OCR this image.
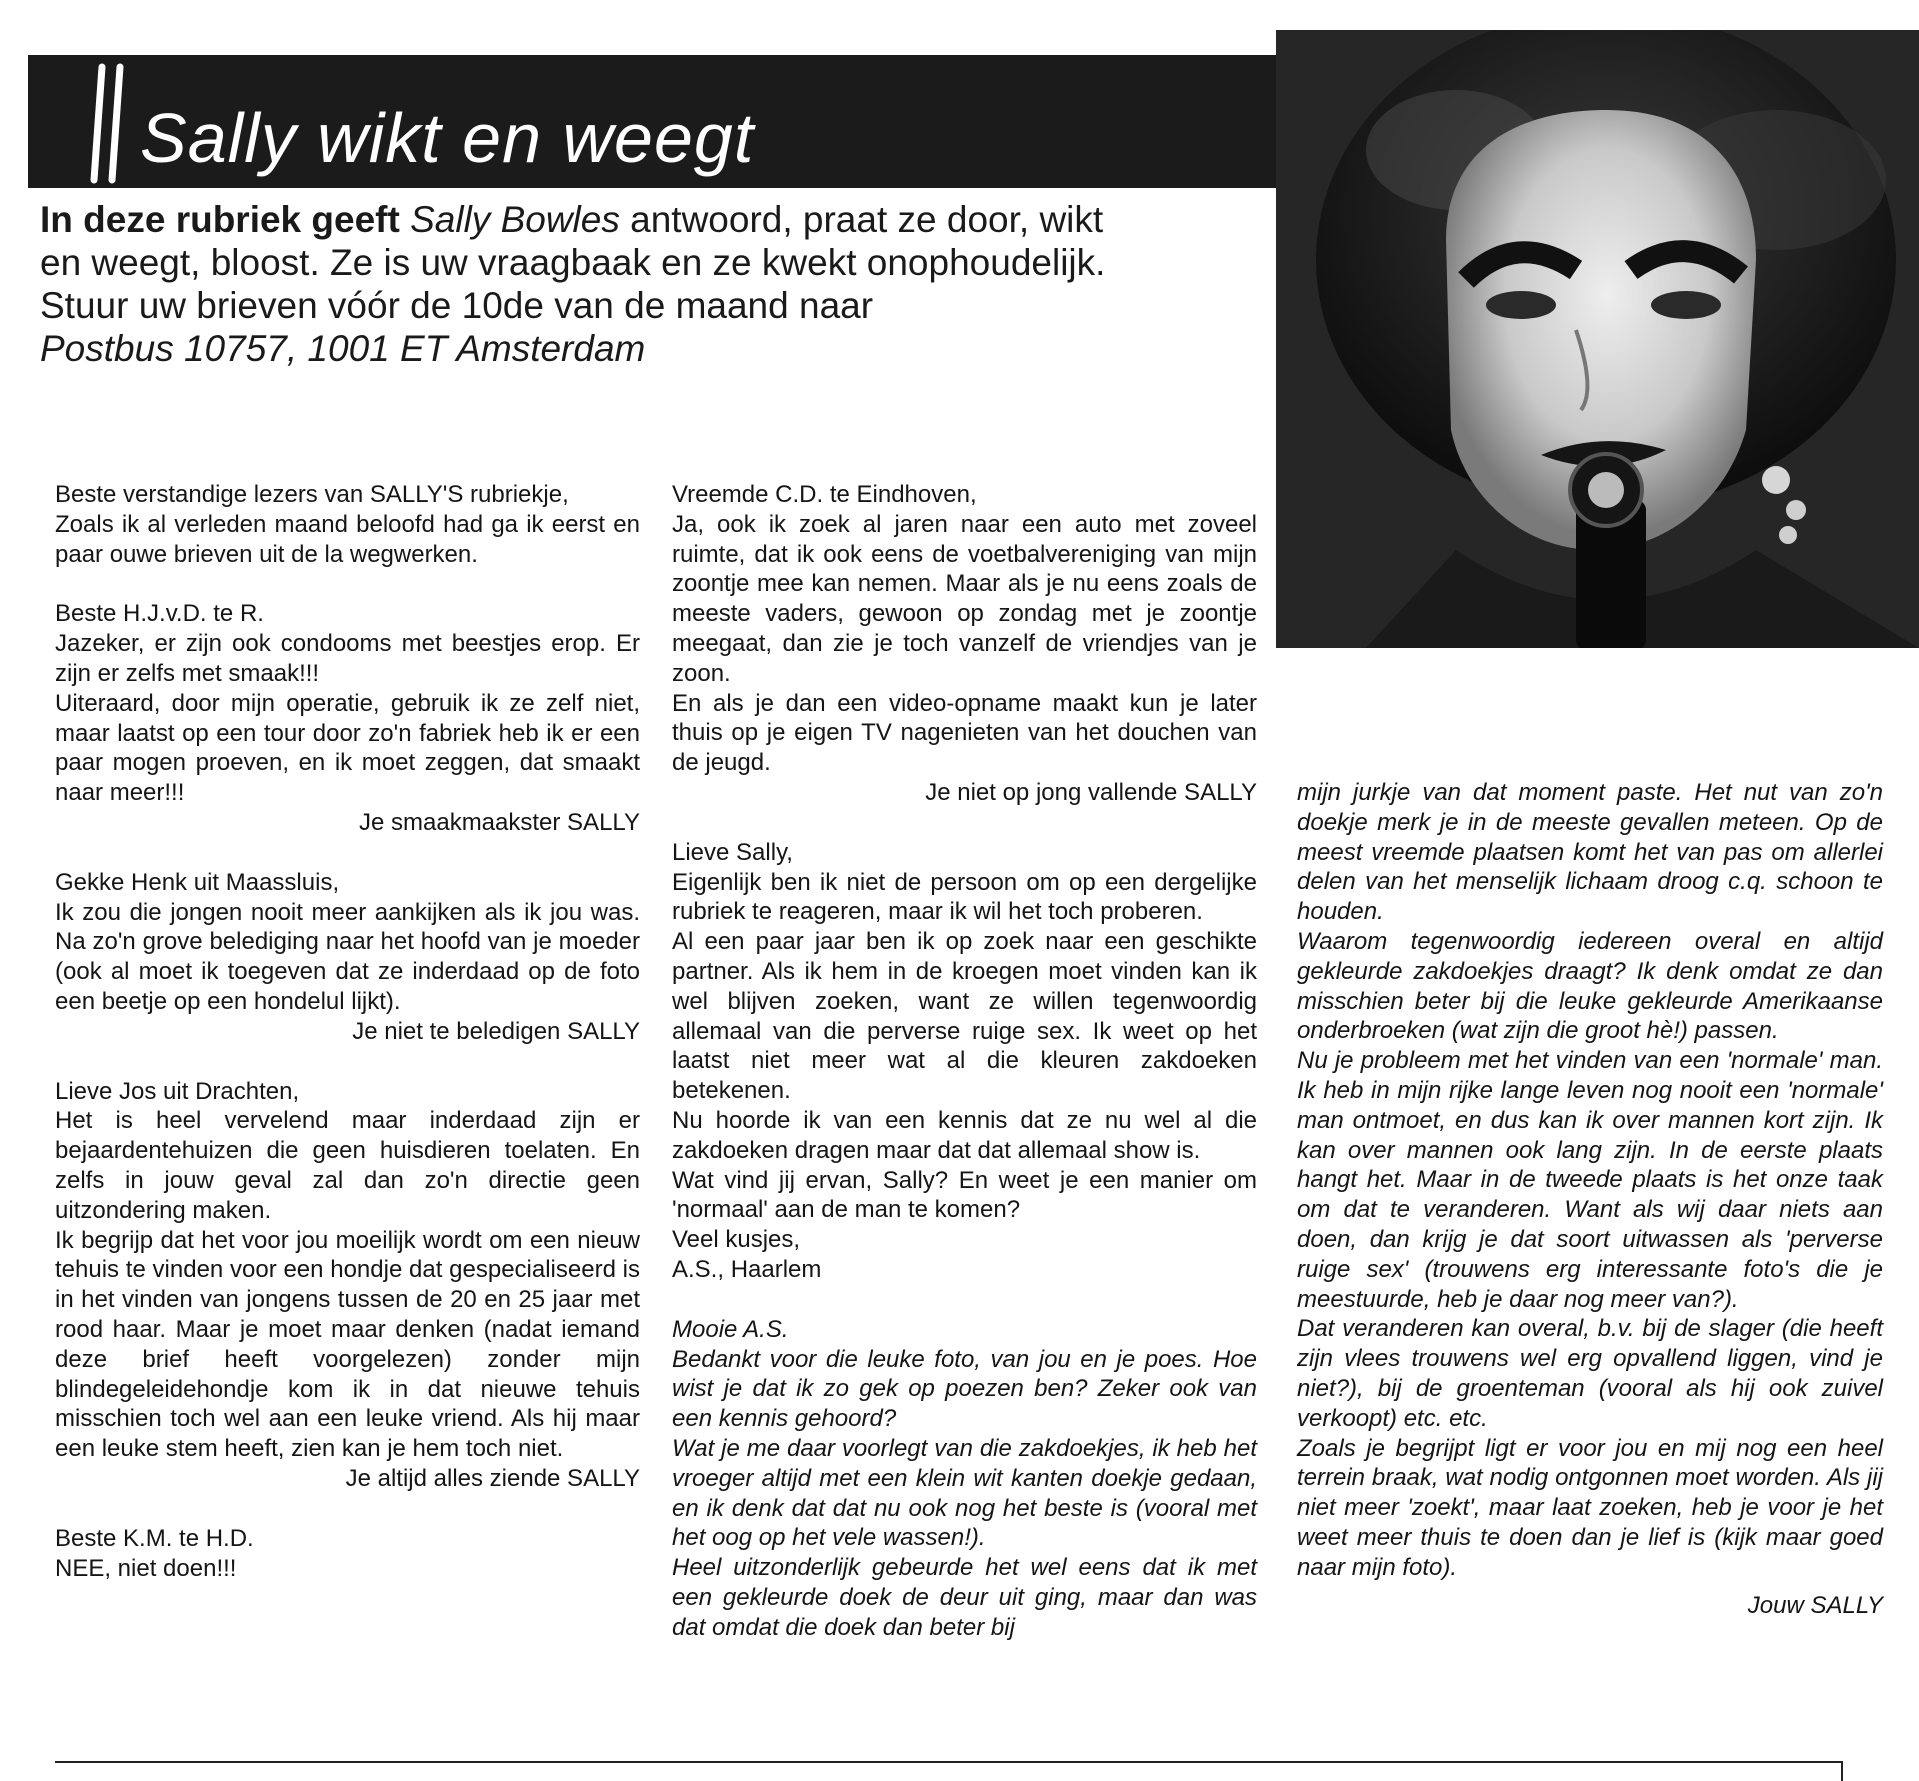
Sally wikt en weegt

In deze rubriek geeft Sally Bowles antwoord, praat ze door, wikt

en weegt, bloost. Ze is uw vraagbaak en ze kwekt onophoudelijk.

Stuur uw brieven vóór de 10de van de maand naar

Postbus 10757, 1001 ET Amsterdam

Beste verstandige lezers van SALLY'S rubriekje,

Zoals ik al verleden maand beloofd had ga ik eerst en paar ouwe brieven uit de la wegwerken.

Beste H.J.v.D. te R.

Jazeker, er zijn ook condooms met beestjes erop. Er zijn er zelfs met smaak!!!

Uiteraard, door mijn operatie, gebruik ik ze zelf niet, maar laatst op een tour door zo'n fabriek heb ik er een paar mogen proeven, en ik moet zeggen, dat smaakt naar meer!!!

Je smaakmaakster SALLY

Gekke Henk uit Maassluis,

Ik zou die jongen nooit meer aankijken als ik jou was. Na zo'n grove belediging naar het hoofd van je moeder (ook al moet ik toegeven dat ze inderdaad op de foto een beetje op een hondelul lijkt).

Je niet te beledigen SALLY

Lieve Jos uit Drachten,

Het is heel vervelend maar inderdaad zijn er bejaardentehuizen die geen huisdieren toelaten. En zelfs in jouw geval zal dan zo'n directie geen uitzondering maken.

Ik begrijp dat het voor jou moeilijk wordt om een nieuw tehuis te vinden voor een hondje dat gespecialiseerd is in het vinden van jongens tussen de 20 en 25 jaar met rood haar. Maar je moet maar denken (nadat iemand deze brief heeft voorgelezen) zonder mijn blindegeleidehondje kom ik in dat nieuwe tehuis misschien toch wel aan een leuke vriend. Als hij maar een leuke stem heeft, zien kan je hem toch niet.

Je altijd alles ziende SALLY

Beste K.M. te H.D.

NEE, niet doen!!!

Vreemde C.D. te Eindhoven,

Ja, ook ik zoek al jaren naar een auto met zoveel ruimte, dat ik ook eens de voetbalvereniging van mijn zoontje mee kan nemen. Maar als je nu eens zoals de meeste vaders, gewoon op zondag met je zoontje meegaat, dan zie je toch vanzelf de vriendjes van je zoon.

En als je dan een video-opname maakt kun je later thuis op je eigen TV nagenieten van het douchen van de jeugd.

Je niet op jong vallende SALLY

Lieve Sally,

Eigenlijk ben ik niet de persoon om op een dergelijke rubriek te reageren, maar ik wil het toch proberen.

Al een paar jaar ben ik op zoek naar een geschikte partner. Als ik hem in de kroegen moet vinden kan ik wel blijven zoeken, want ze willen tegenwoordig allemaal van die perverse ruige sex. Ik weet op het laatst niet meer wat al die kleuren zakdoeken betekenen.

Nu hoorde ik van een kennis dat ze nu wel al die zakdoeken dragen maar dat dat allemaal show is.

Wat vind jij ervan, Sally? En weet je een manier om 'normaal' aan de man te komen?

Veel kusjes,

A.S., Haarlem

Mooie A.S.

Bedankt voor die leuke foto, van jou en je poes. Hoe wist je dat ik zo gek op poezen ben? Zeker ook van een kennis gehoord?

Wat je me daar voorlegt van die zakdoekjes, ik heb het vroeger altijd met een klein wit kanten doekje gedaan, en ik denk dat dat nu ook nog het beste is (vooral met het oog op het vele wassen!).

Heel uitzonderlijk gebeurde het wel eens dat ik met een gekleurde doek de deur uit ging, maar dan was dat omdat die doek dan beter bij

mijn jurkje van dat moment paste. Het nut van zo'n doekje merk je in de meeste gevallen meteen. Op de meest vreemde plaatsen komt het van pas om allerlei delen van het menselijk lichaam droog c.q. schoon te houden.

Waarom tegenwoordig iedereen overal en altijd gekleurde zakdoekjes draagt? Ik denk omdat ze dan misschien beter bij die leuke gekleurde Amerikaanse onderbroeken (wat zijn die groot hè!) passen.

Nu je probleem met het vinden van een 'normale' man. Ik heb in mijn rijke lange leven nog nooit een 'normale' man ontmoet, en dus kan ik over mannen kort zijn. Ik kan over mannen ook lang zijn. In de eerste plaats hangt het. Maar in de tweede plaats is het onze taak om dat te veranderen. Want als wij daar niets aan doen, dan krijg je dat soort uitwassen als 'perverse ruige sex' (trouwens erg interessante foto's die je meestuurde, heb je daar nog meer van?).

Dat veranderen kan overal, b.v. bij de slager (die heeft zijn vlees trouwens wel erg opvallend liggen, vind je niet?), bij de groenteman (vooral als hij ook zuivel verkoopt) etc. etc.

Zoals je begrijpt ligt er voor jou en mij nog een heel terrein braak, wat nodig ontgonnen moet worden. Als jij niet meer 'zoekt', maar laat zoeken, heb je voor je het weet meer thuis te doen dan je lief is (kijk maar goed naar mijn foto).

Jouw SALLY
